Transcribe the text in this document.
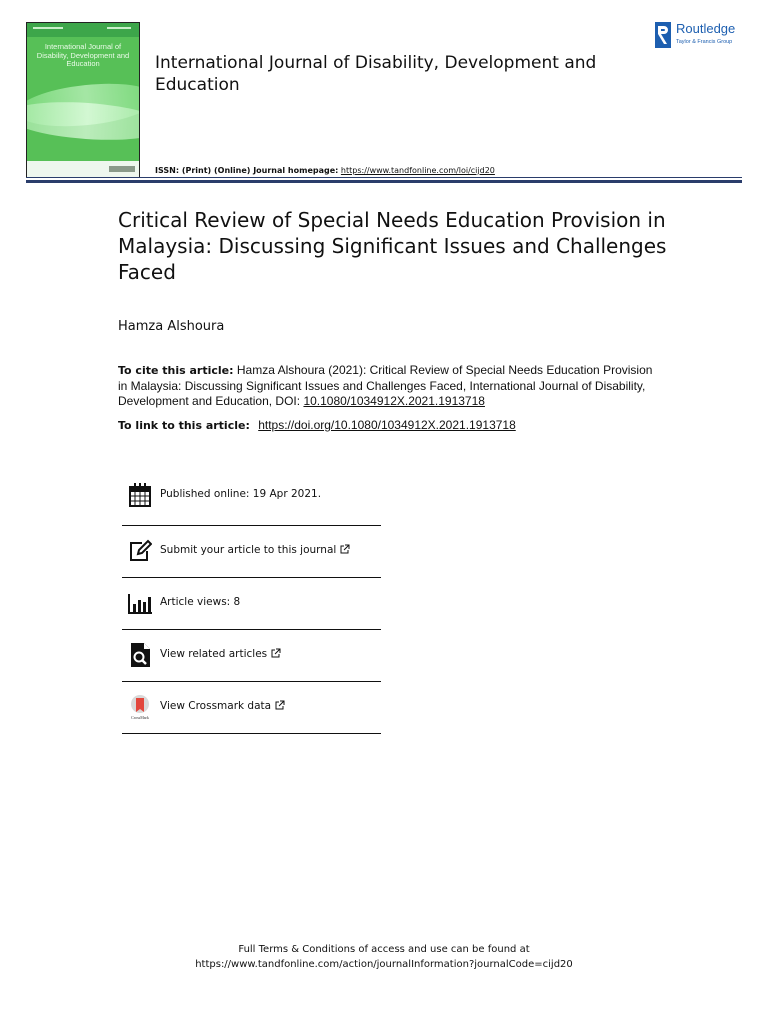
International Journal of Disability, Development and Education	International Journal of Disability, Development and Education
ISSN: (Print) (Online) Journal homepage: https://www.tandfonline.com/loi/cijd20
Routledge
Taylor & Francis Group
Critical Review of Special Needs Education Provision in Malaysia: Discussing Significant Issues and Challenges Faced
Hamza Alshoura
To cite this article: Hamza Alshoura (2021): Critical Review of Special Needs Education Provision in Malaysia: Discussing Significant Issues and Challenges Faced, International Journal of Disability, Development and Education, DOI: 10.1080/1034912X.2021.1913718
To link to this article: https://doi.org/10.1080/1034912X.2021.1913718
Published online: 19 Apr 2021.
Submit your article to this journal
Article views: 8
View related articles
CrossMark
View Crossmark data
Full Terms & Conditions of access and use can be found at
https://www.tandfonline.com/action/journalInformation?journalCode=cijd20
